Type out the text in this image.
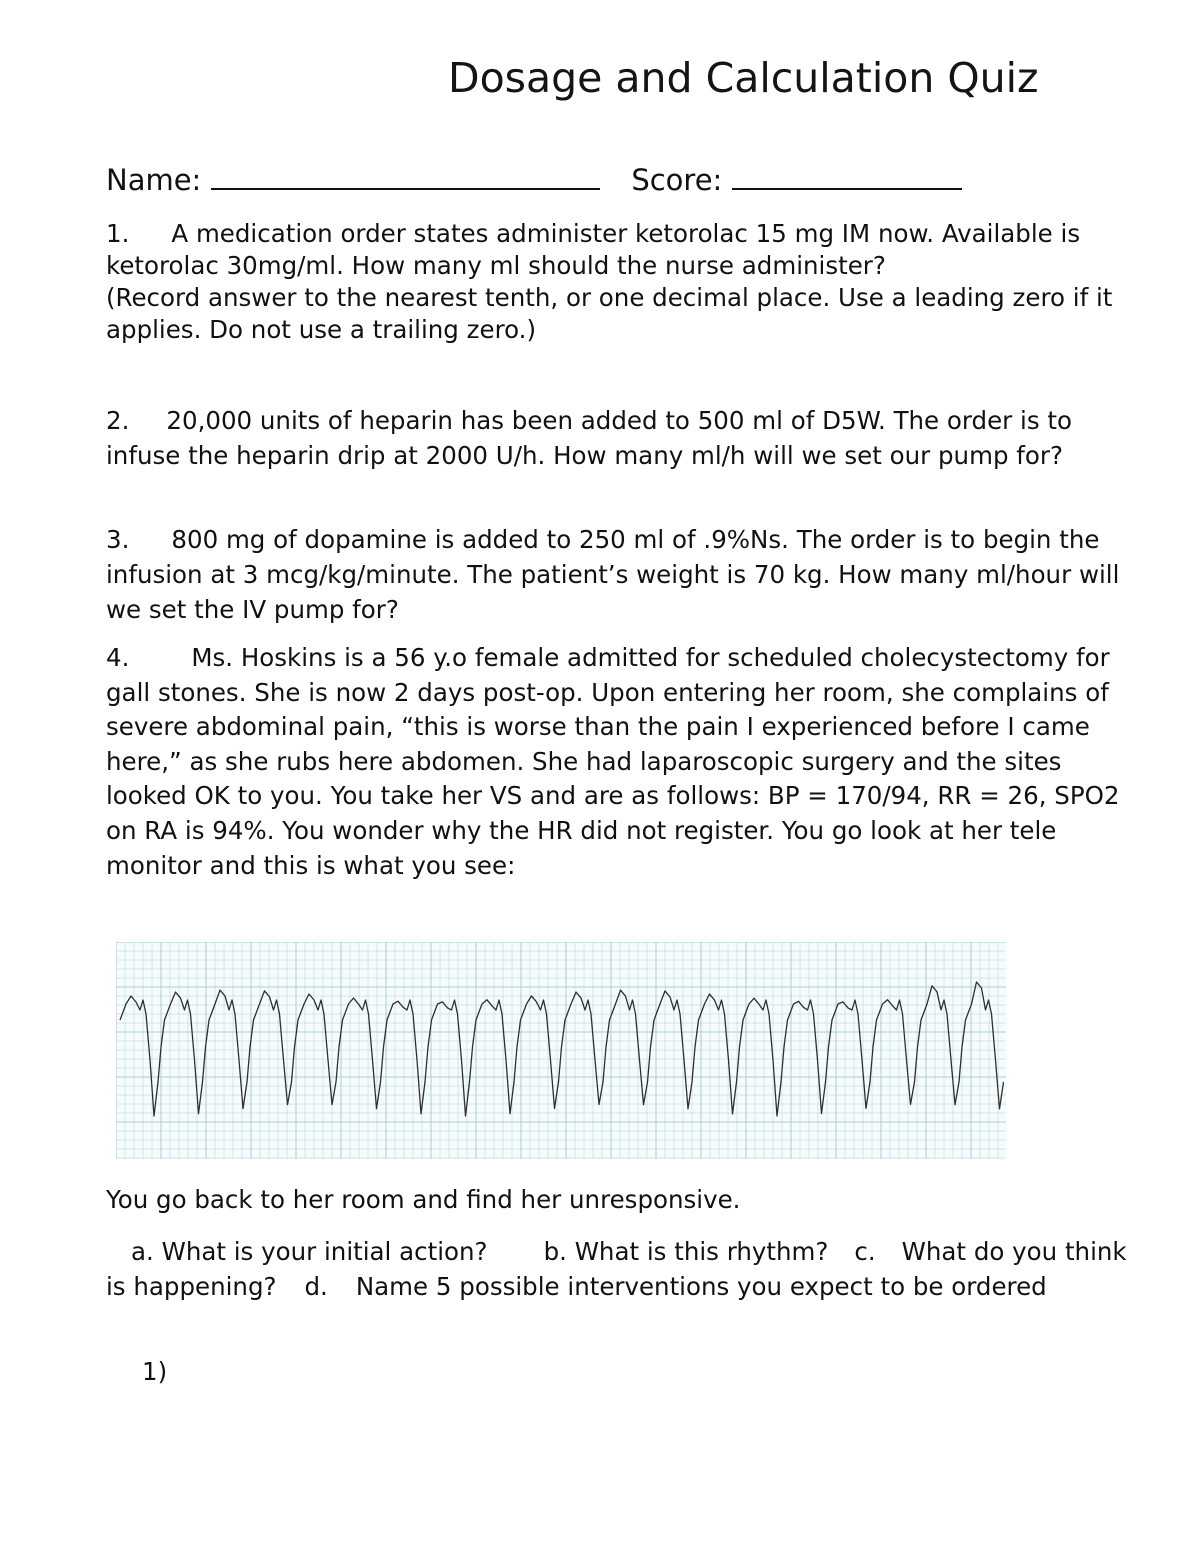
Dosage and Calculation Quiz
Name:	Score:

1. A medication order states administer ketorolac 15 mg IM now. Available is ketorolac 30mg/ml. How many ml should the nurse administer?
(Record answer to the nearest tenth, or one decimal place. Use a leading zero if it applies. Do not use a trailing zero.)

2. 20,000 units of heparin has been added to 500 ml of D5W. The order is to infuse the heparin drip at 2000 U/h. How many ml/h will we set our pump for?

3. 800 mg of dopamine is added to 250 ml of .9%Ns. The order is to begin the infusion at 3 mcg/kg/minute. The patient’s weight is 70 kg. How many ml/hour will we set the IV pump for?

4.	Ms. Hoskins is a 56 y.o female admitted for scheduled cholecystectomy for gall stones. She is now 2 days post-op. Upon entering her room, she complains of severe abdominal pain, “this is worse than the pain I experienced before I came here,” as she rubs here abdomen. She had laparoscopic surgery and the sites looked OK to you. You take her VS and are as follows: BP = 170/94, RR = 26, SPO2 on RA is 94%. You wonder why the HR did not register. You go look at her tele monitor and this is what you see:

You go back to her room and find her unresponsive.

a. What is your initial action? b. What is this rhythm? c. What do you think is happening? d. Name 5 possible interventions you expect to be ordered

1)
